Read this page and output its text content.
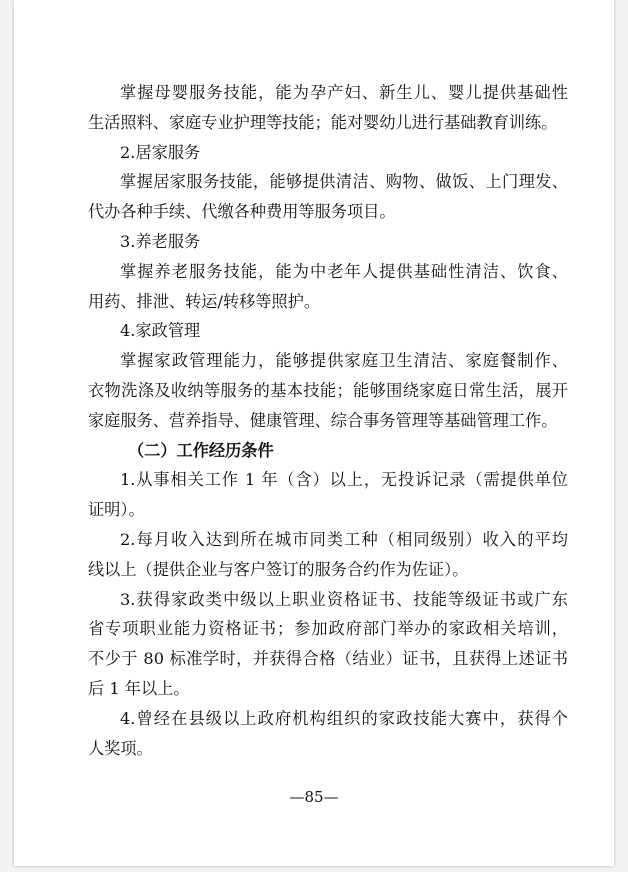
掌握母婴服务技能，能为孕产妇、新生儿、婴儿提供基础性
生活照料、家庭专业护理等技能；能对婴幼儿进行基础教育训练。
2.居家服务
掌握居家服务技能，能够提供清洁、购物、做饭、上门理发、
代办各种手续、代缴各种费用等服务项目。
3.养老服务
掌握养老服务技能，能为中老年人提供基础性清洁、饮食、
用药、排泄、转运/转移等照护。
4.家政管理
掌握家政管理能力，能够提供家庭卫生清洁、家庭餐制作、
衣物洗涤及收纳等服务的基本技能；能够围绕家庭日常生活，展开
家庭服务、营养指导、健康管理、综合事务管理等基础管理工作。
（二）工作经历条件
1.从事相关工作 1 年（含）以上，无投诉记录（需提供单位
证明）。
2.每月收入达到所在城市同类工种（相同级别）收入的平均
线以上（提供企业与客户签订的服务合约作为佐证）。
3.获得家政类中级以上职业资格证书、技能等级证书或广东
省专项职业能力资格证书；参加政府部门举办的家政相关培训，
不少于 80 标准学时，并获得合格（结业）证书，且获得上述证书
后 1 年以上。
4.曾经在县级以上政府机构组织的家政技能大赛中，获得个
人奖项。
—85—
